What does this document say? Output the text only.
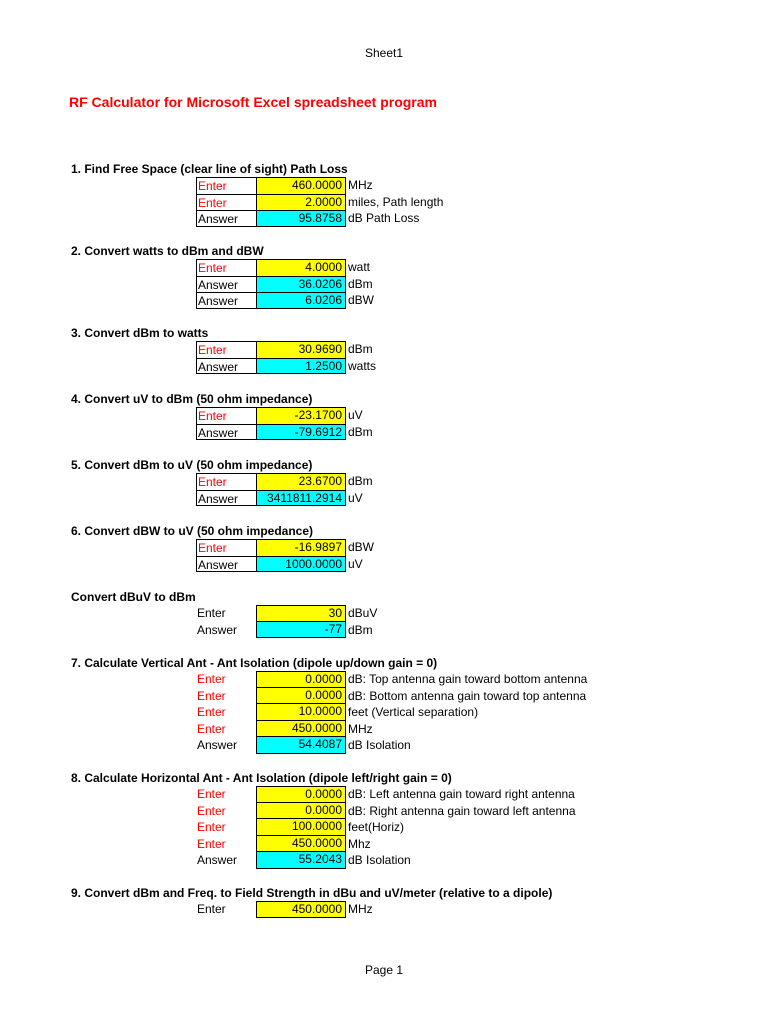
Sheet1
RF Calculator for Microsoft Excel spreadsheet program
1. Find Free Space (clear line of sight) Path Loss
Enter	460.0000 MHz
Enter	2.0000 miles, Path length
Answer	95.8758 dB Path Loss
2. Convert watts to dBm and dBW
Enter	4.0000 watt
Answer	36.0206 dBm
Answer	6.0206 dBW
3. Convert dBm to watts
Enter	30.9690 dBm
Answer	1.2500 watts
4. Convert uV to dBm (50 ohm impedance)
Enter	-23.1700 uV
Answer	-79.6912 dBm
5. Convert dBm to uV (50 ohm impedance)
Enter	23.6700 dBm
Answer	3411811.2914 uV
6. Convert dBW to uV (50 ohm impedance)
Enter	-16.9897 dBW
Answer	1000.0000 uV
Convert dBuV to dBm
Enter	30 dBuV
Answer	-77 dBm
7. Calculate Vertical Ant - Ant Isolation (dipole up/down gain = 0)
Enter	0.0000 dB: Top antenna gain toward bottom antenna
Enter	0.0000 dB: Bottom antenna gain toward top antenna
Enter	10.0000 feet (Vertical separation)
Enter	450.0000 MHz
Answer	54.4087 dB Isolation
8. Calculate Horizontal Ant - Ant Isolation (dipole left/right gain = 0)
Enter	0.0000 dB: Left antenna gain toward right antenna
Enter	0.0000 dB: Right antenna gain toward left antenna
Enter	100.0000 feet(Horiz)
Enter	450.0000 Mhz
Answer	55.2043 dB Isolation
9. Convert dBm and Freq. to Field Strength in dBu and uV/meter (relative to a dipole)
Enter	450.0000 MHz
Page 1
